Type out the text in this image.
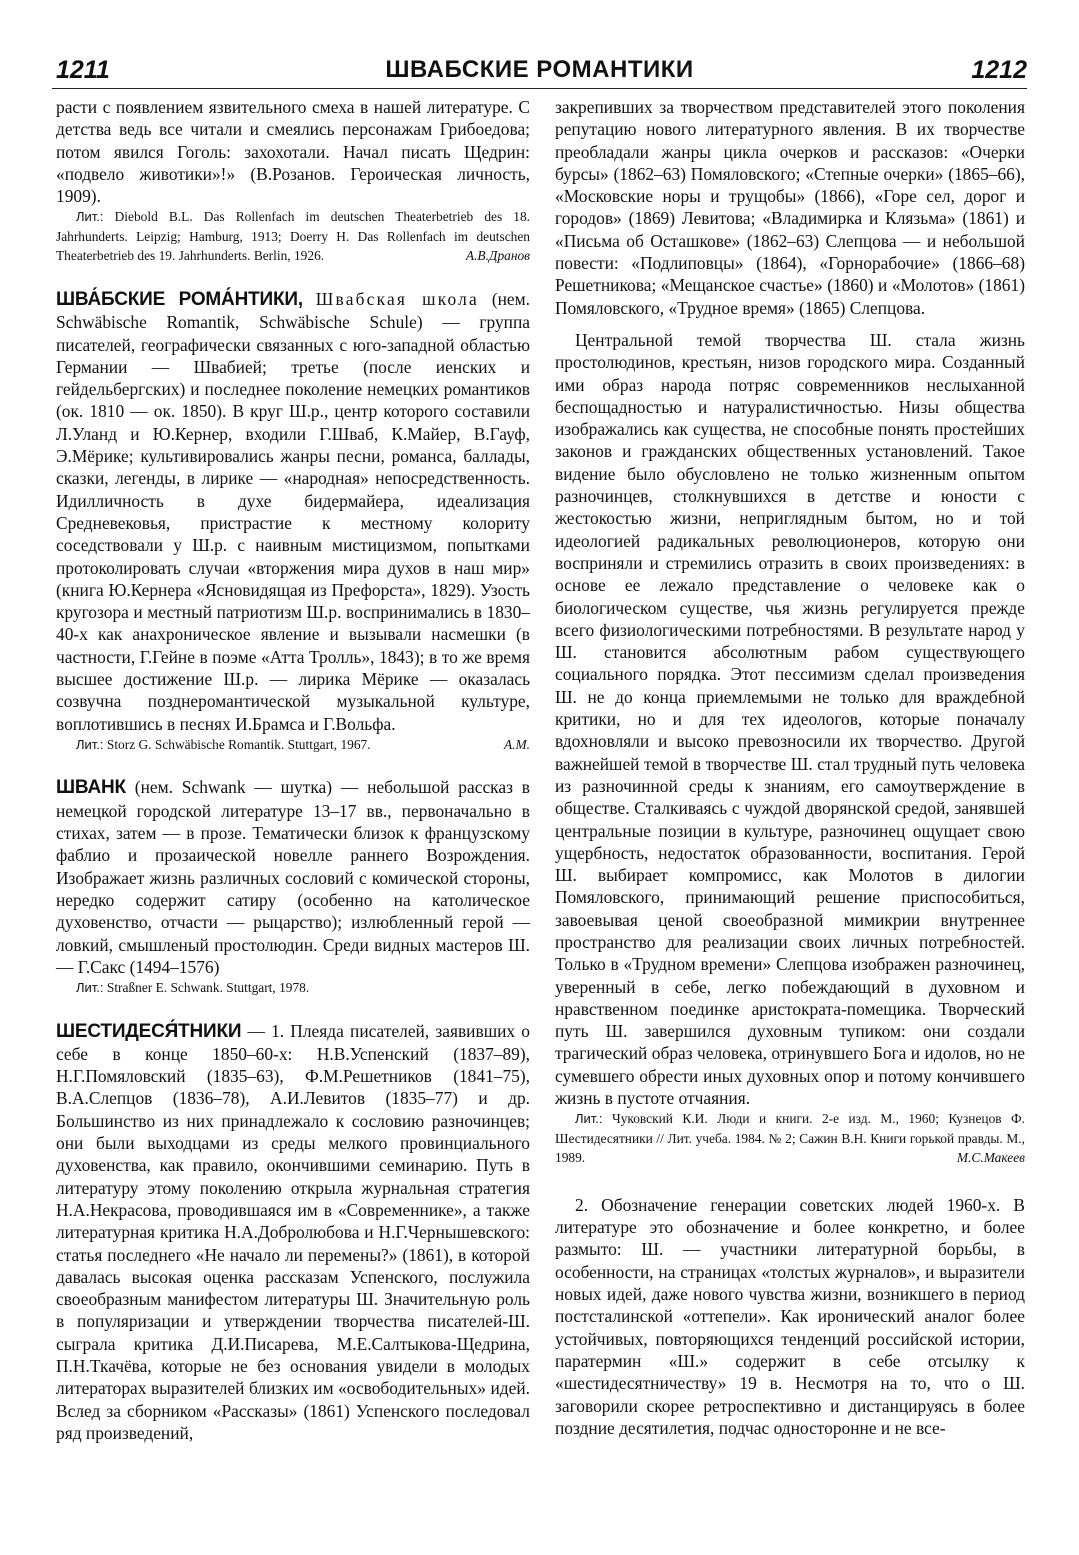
1211	ШВАБСКИЕ РОМАНТИКИ	1212
расти с появлением язвительного смеха в нашей литературе. С детства ведь все читали и смеялись персонажам Грибоедова; потом явился Гоголь: захохотали. Начал писать Щедрин: «подвело животики»!» (В.Розанов. Героическая личность, 1909).
Лит.: Diebold B.L. Das Rollenfach im deutschen Theaterbetrieb des 18. Jahrhunderts. Leipzig; Hamburg, 1913; Doerry H. Das Rollenfach im deutschen Theaterbetrieb des 19. Jahrhunderts. Berlin, 1926.	А.В.Дранов
ШВА́БСКИЕ РОМА́НТИКИ, Швабская школа (нем. Schwäbische Romantik, Schwäbische Schule) — группа писателей, географически связанных с юго-западной областью Германии — Швабией; третье (после иенских и гейдельбергских) и последнее поколение немецких романтиков (ок. 1810 — ок. 1850). В круг Ш.р., центр которого составили Л.Уланд и Ю.Кернер, входили Г.Шваб, К.Майер, В.Гауф, Э.Мёрике; культивировались жанры песни, романса, баллады, сказки, легенды, в лирике — «народная» непосредственность. Идилличность в духе бидермайера, идеализация Средневековья, пристрастие к местному колориту соседствовали у Ш.р. с наивным мистицизмом, попытками протоколировать случаи «вторжения мира духов в наш мир» (книга Ю.Кернера «Ясновидящая из Префорста», 1829). Узость кругозора и местный патриотизм Ш.р. воспринимались в 1830–40-х как анахроническое явление и вызывали насмешки (в частности, Г.Гейне в поэме «Атта Тролль», 1843); в то же время высшее достижение Ш.р. — лирика Мёрике — оказалась созвучна позднеромантической музыкальной культуре, воплотившись в песнях И.Брамса и Г.Вольфа.
Лит.: Storz G. Schwäbische Romantik. Stuttgart, 1967.	А.М.
ШВАНК (нем. Schwank — шутка) — небольшой рассказ в немецкой городской литературе 13–17 вв., первоначально в стихах, затем — в прозе. Тематически близок к французскому фаблио и прозаической новелле раннего Возрождения. Изображает жизнь различных сословий с комической стороны, нередко содержит сатиру (особенно на католическое духовенство, отчасти — рыцарство); излюбленный герой — ловкий, смышленый простолюдин. Среди видных мастеров Ш. — Г.Сакс (1494–1576)
Лит.: Straßner E. Schwank. Stuttgart, 1978.
ШЕСТИДЕСЯ́ТНИКИ — 1. Плеяда писателей, заявивших о себе в конце 1850–60-х: Н.В.Успенский (1837–89), Н.Г.Помяловский (1835–63), Ф.М.Решетников (1841–75), В.А.Слепцов (1836–78), А.И.Левитов (1835–77) и др. Большинство из них принадлежало к сословию разночинцев; они были выходцами из среды мелкого провинциального духовенства, как правило, окончившими семинарию. Путь в литературу этому поколению открыла журнальная стратегия Н.А.Некрасова, проводившаяся им в «Современнике», а также литературная критика Н.А.Добролюбова и Н.Г.Чернышевского: статья последнего «Не начало ли перемены?» (1861), в которой давалась высокая оценка рассказам Успенского, послужила своеобразным манифестом литературы Ш. Значительную роль в популяризации и утверждении творчества писателей-Ш. сыграла критика Д.И.Писарева, М.Е.Салтыкова-Щедрина, П.Н.Ткачёва, которые не без основания увидели в молодых литераторах выразителей близких им «освободительных» идей. Вслед за сборником «Рассказы» (1861) Успенского последовал ряд произведений,
закрепивших за творчеством представителей этого поколения репутацию нового литературного явления. В их творчестве преобладали жанры цикла очерков и рассказов: «Очерки бурсы» (1862–63) Помяловского; «Степные очерки» (1865–66), «Московские норы и трущобы» (1866), «Горе сел, дорог и городов» (1869) Левитова; «Владимирка и Клязьма» (1861) и «Письма об Осташкове» (1862–63) Слепцова — и небольшой повести: «Подлиповцы» (1864), «Горнорабочие» (1866–68) Решетникова; «Мещанское счастье» (1860) и «Молотов» (1861) Помяловского, «Трудное время» (1865) Слепцова.
Центральной темой творчества Ш. стала жизнь простолюдинов, крестьян, низов городского мира. Созданный ими образ народа потряс современников неслыханной беспощадностью и натуралистичностью. Низы общества изображались как существа, не способные понять простейших законов и гражданских общественных установлений. Такое видение было обусловлено не только жизненным опытом разночинцев, столкнувшихся в детстве и юности с жестокостью жизни, неприглядным бытом, но и той идеологией радикальных революционеров, которую они восприняли и стремились отразить в своих произведениях: в основе ее лежало представление о человеке как о биологическом существе, чья жизнь регулируется прежде всего физиологическими потребностями. В результате народ у Ш. становится абсолютным рабом существующего социального порядка. Этот пессимизм сделал произведения Ш. не до конца приемлемыми не только для враждебной критики, но и для тех идеологов, которые поначалу вдохновляли и высоко превозносили их творчество. Другой важнейшей темой в творчестве Ш. стал трудный путь человека из разночинной среды к знаниям, его самоутверждение в обществе. Сталкиваясь с чуждой дворянской средой, занявшей центральные позиции в культуре, разночинец ощущает свою ущербность, недостаток образованности, воспитания. Герой Ш. выбирает компромисс, как Молотов в дилогии Помяловского, принимающий решение приспособиться, завоевывая ценой своеобразной мимикрии внутреннее пространство для реализации своих личных потребностей. Только в «Трудном времени» Слепцова изображен разночинец, уверенный в себе, легко побеждающий в духовном и нравственном поединке аристократа-помещика. Творческий путь Ш. завершился духовным тупиком: они создали трагический образ человека, отринувшего Бога и идолов, но не сумевшего обрести иных духовных опор и потому кончившего жизнь в пустоте отчаяния.
Лит.: Чуковский К.И. Люди и книги. 2-е изд. М., 1960; Кузнецов Ф. Шестидесятники // Лит. учеба. 1984. № 2; Сажин В.Н. Книги горькой правды. М., 1989.	М.С.Макеев
2. Обозначение генерации советских людей 1960-х. В литературе это обозначение и более конкретно, и более размыто: Ш. — участники литературной борьбы, в особенности, на страницах «толстых журналов», и выразители новых идей, даже нового чувства жизни, возникшего в период постсталинской «оттепели». Как иронический аналог более устойчивых, повторяющихся тенденций российской истории, паратермин «Ш.» содержит в себе отсылку к «шестидесятничеству» 19 в. Несмотря на то, что о Ш. заговорили скорее ретроспективно и дистанцируясь в более поздние десятилетия, подчас односторонне и не все-
